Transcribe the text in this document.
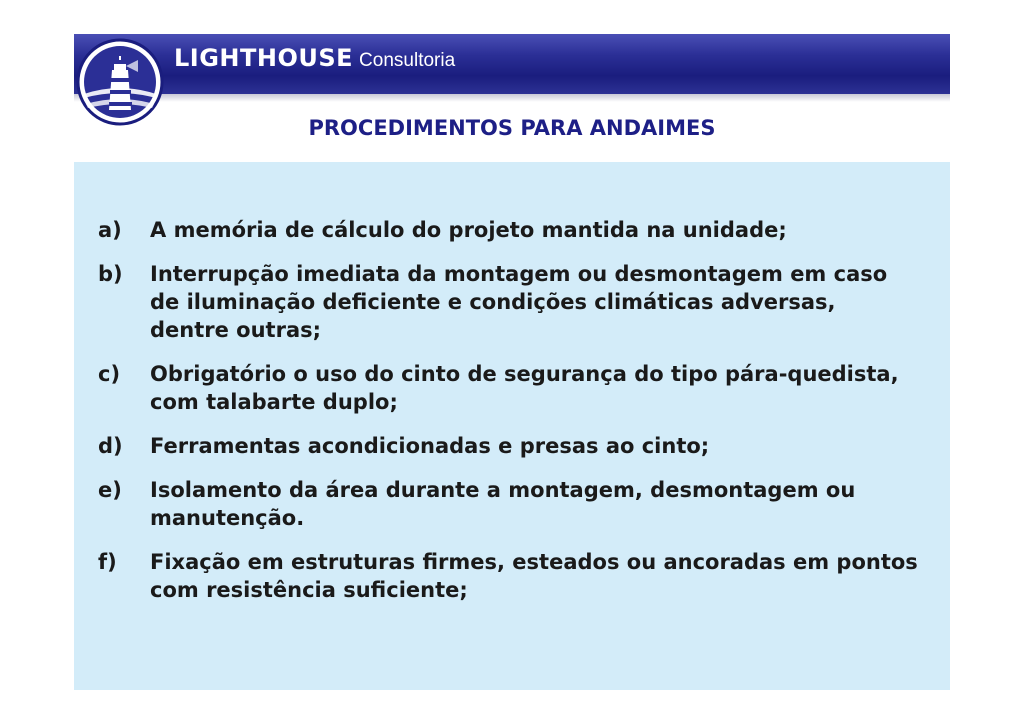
LIGHTHOUSE Consultoria
PROCEDIMENTOS PARA ANDAIMES
a)	A memória de cálculo do projeto mantida na unidade;
b)	Interrupção imediata da montagem ou desmontagem em caso de iluminação deficiente e condições climáticas adversas, dentre outras;
c)	Obrigatório o uso do cinto de segurança do tipo pára-quedista, com talabarte duplo;
d)	Ferramentas acondicionadas e presas ao cinto;
e)	Isolamento da área durante a montagem, desmontagem ou manutenção.
f)	Fixação em estruturas firmes, esteados ou ancoradas em pontos com resistência suficiente;
